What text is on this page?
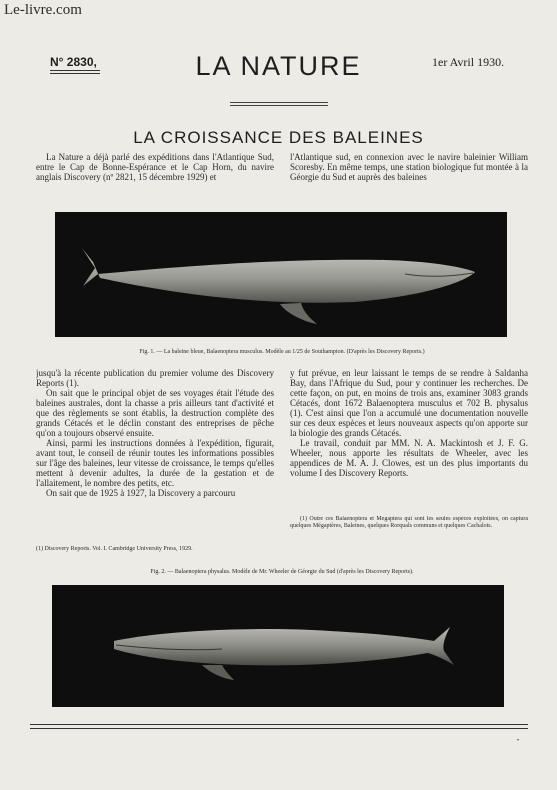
Le-livre.com
N° 2830,	LA NATURE	1er Avril 1930.
LA CROISSANCE DES BALEINES

La Nature a déjà parlé des expéditions dans l'Atlantique Sud, entre le Cap de Bonne-Espérance et le Cap Horn, du navire anglais Discovery (nº 2821, 15 décembre 1929) et

l'Atlantique sud, en connexion avec le navire baleinier William Scoresby. En même temps, une station biologique fut montée à la Géorgie du Sud et auprès des baleines

Fig. 1. — La baleine bleue, Balaenoptera musculus. Modèle au 1/25 de Southampton. (D'après les Discovery Reports.)

jusqu'à la récente publication du premier volume des Discovery Reports (1).

On sait que le principal objet de ses voyages était l'étude des baleines australes, dont la chasse a pris ailleurs tant d'activité et que des règlements se sont établis, la destruction complète des grands Cétacés et le déclin constant des entreprises de pêche qu'on a toujours observé ensuite.

Ainsi, parmi les instructions données à l'expédition, figurait, avant tout, le conseil de réunir toutes les informations possibles sur l'âge des baleines, leur vitesse de croissance, le temps qu'elles mettent à devenir adultes, la durée de la gestation et de l'allaitement, le nombre des petits, etc.

On sait que de 1925 à 1927, la Discovery a parcouru

(1) Discovery Reports. Vol. I. Cambridge University Press, 1929.

y fut prévue, en leur laissant le temps de se rendre à Saldanha Bay, dans l'Afrique du Sud, pour y continuer les recherches. De cette façon, on put, en moins de trois ans, examiner 3083 grands Cétacés, dont 1672 Balaenoptera musculus et 702 B. physalus (1). C'est ainsi que l'on a accumulé une documentation nouvelle sur ces deux espèces et leurs nouveaux aspects qu'on apporte sur la biologie des grands Cétacés.

Le travail, conduit par MM. N. A. Mackintosh et J. F. G. Wheeler, nous apporte les résultats de Wheeler, avec les appendices de M. A. J. Clowes, est un des plus importants du volume I des Discovery Reports.

(1) Outre ces Balaenoptera et Megaptera qui sont les seules espèces exploitées, on captura quelques Mégaptères, Baleines, quelques Rorquals communs et quelques Cachalots.

Fig. 2. — Balaenoptera physalus. Modèle de Mr. Wheeler de Géorgie du Sud (d'après les Discovery Reports).
•
